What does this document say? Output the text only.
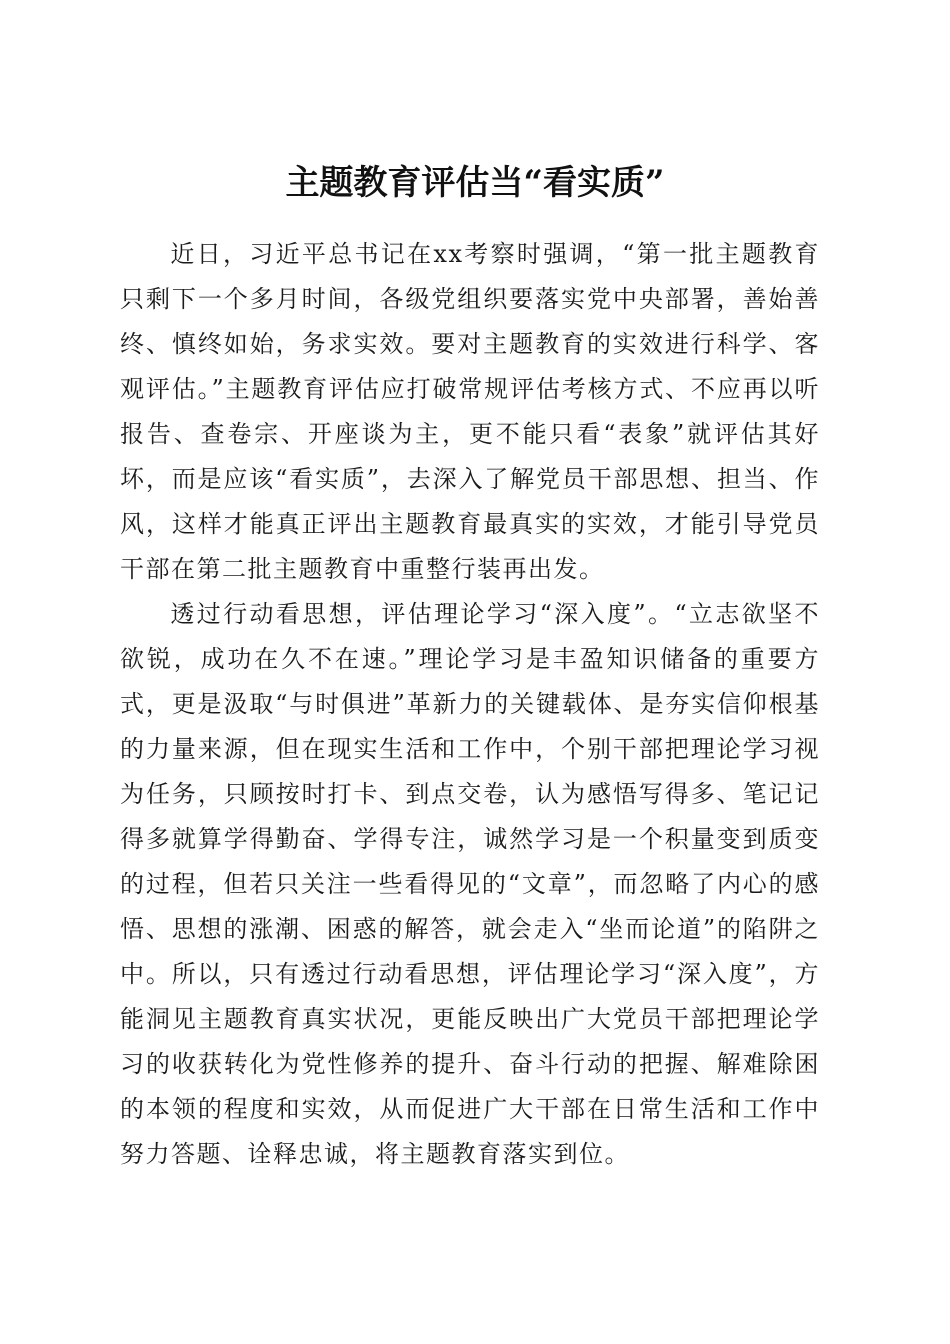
主题教育评估当“看实质”

近日，习近平总书记在xx考察时强调，“第一批主题教育只剩下一个多月时间，各级党组织要落实党中央部署，善始善终、慎终如始，务求实效。要对主题教育的实效进行科学、客观评估。”主题教育评估应打破常规评估考核方式、不应再以听报告、查卷宗、开座谈为主，更不能只看“表象”就评估其好坏，而是应该“看实质”，去深入了解党员干部思想、担当、作风，这样才能真正评出主题教育最真实的实效，才能引导党员干部在第二批主题教育中重整行装再出发。

透过行动看思想，评估理论学习“深入度”。“立志欲坚不欲锐，成功在久不在速。”理论学习是丰盈知识储备的重要方式，更是汲取“与时俱进”革新力的关键载体、是夯实信仰根基的力量来源，但在现实生活和工作中，个别干部把理论学习视为任务，只顾按时打卡、到点交卷，认为感悟写得多、笔记记得多就算学得勤奋、学得专注，诚然学习是一个积量变到质变的过程，但若只关注一些看得见的“文章”，而忽略了内心的感悟、思想的涨潮、困惑的解答，就会走入“坐而论道”的陷阱之中。所以，只有透过行动看思想，评估理论学习“深入度”，方能洞见主题教育真实状况，更能反映出广大党员干部把理论学习的收获转化为党性修养的提升、奋斗行动的把握、解难除困的本领的程度和实效，从而促进广大干部在日常生活和工作中努力答题、诠释忠诚，将主题教育落实到位。
